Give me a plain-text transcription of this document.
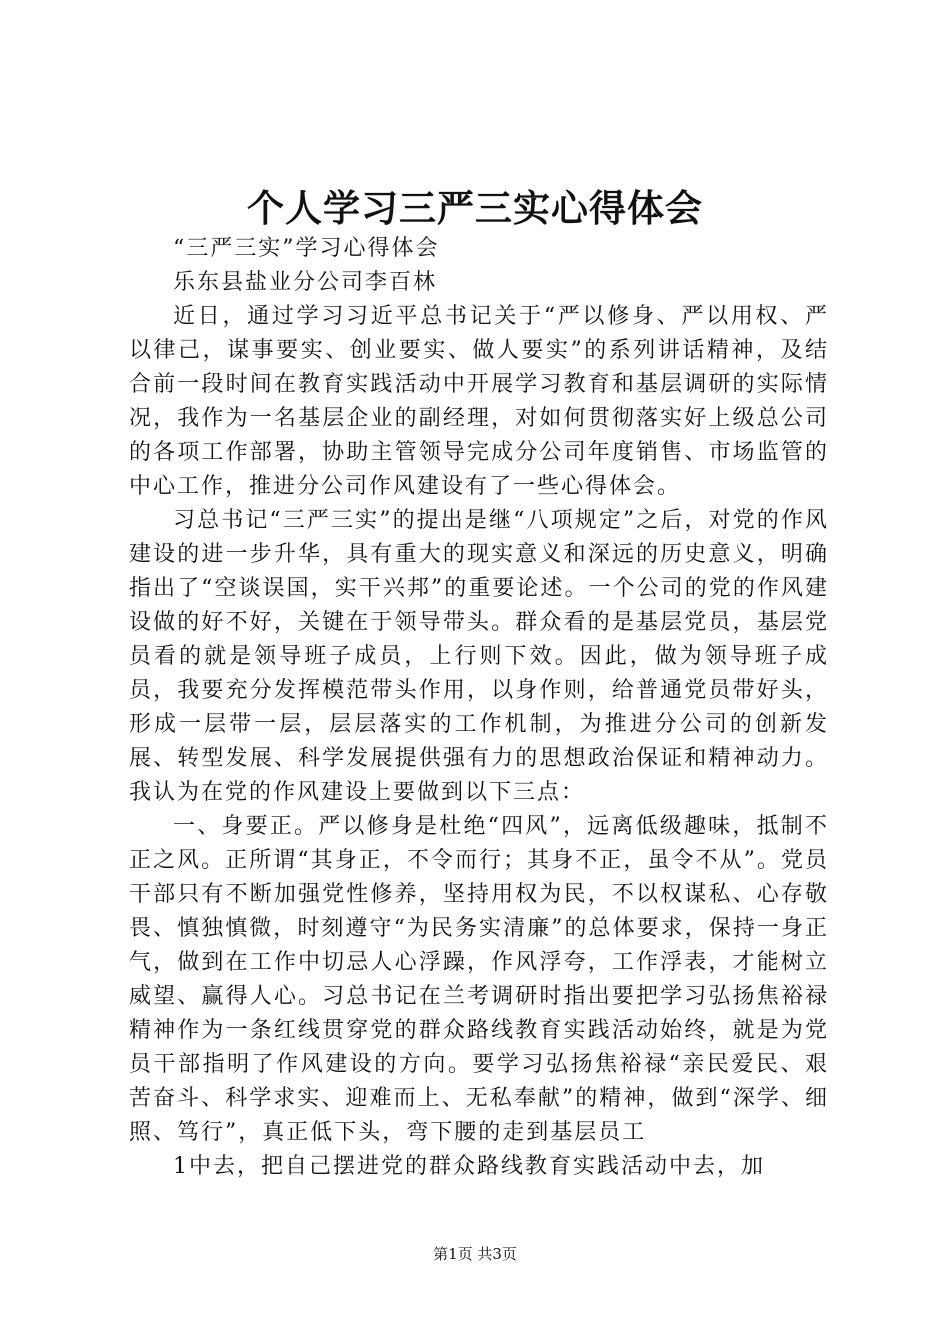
个人学习三严三实心得体会

“三严三实”学习心得体会

乐东县盐业分公司李百林

近日，通过学习习近平总书记关于“严以修身、严以用权、严以律己，谋事要实、创业要实、做人要实”的系列讲话精神，及结合前一段时间在教育实践活动中开展学习教育和基层调研的实际情况，我作为一名基层企业的副经理，对如何贯彻落实好上级总公司的各项工作部署，协助主管领导完成分公司年度销售、市场监管的中心工作，推进分公司作风建设有了一些心得体会。

习总书记“三严三实”的提出是继“八项规定”之后，对党的作风建设的进一步升华，具有重大的现实意义和深远的历史意义，明确指出了“空谈误国，实干兴邦”的重要论述。一个公司的党的作风建设做的好不好，关键在于领导带头。群众看的是基层党员，基层党员看的就是领导班子成员，上行则下效。因此，做为领导班子成员，我要充分发挥模范带头作用，以身作则，给普通党员带好头，形成一层带一层，层层落实的工作机制，为推进分公司的创新发展、转型发展、科学发展提供强有力的思想政治保证和精神动力。我认为在党的作风建设上要做到以下三点：

一、身要正。严以修身是杜绝“四风”，远离低级趣味，抵制不正之风。正所谓“其身正，不令而行；其身不正，虽令不从”。党员干部只有不断加强党性修养，坚持用权为民，不以权谋私、心存敬畏、慎独慎微，时刻遵守“为民务实清廉”的总体要求，保持一身正气，做到在工作中切忌人心浮躁，作风浮夸，工作浮表，才能树立威望、赢得人心。习总书记在兰考调研时指出要把学习弘扬焦裕禄精神作为一条红线贯穿党的群众路线教育实践活动始终，就是为党员干部指明了作风建设的方向。要学习弘扬焦裕禄“亲民爱民、艰苦奋斗、科学求实、迎难而上、无私奉献”的精神，做到“深学、细照、笃行”，真正低下头，弯下腰的走到基层员工

1中去，把自己摆进党的群众路线教育实践活动中去，加

第1页 共3页
